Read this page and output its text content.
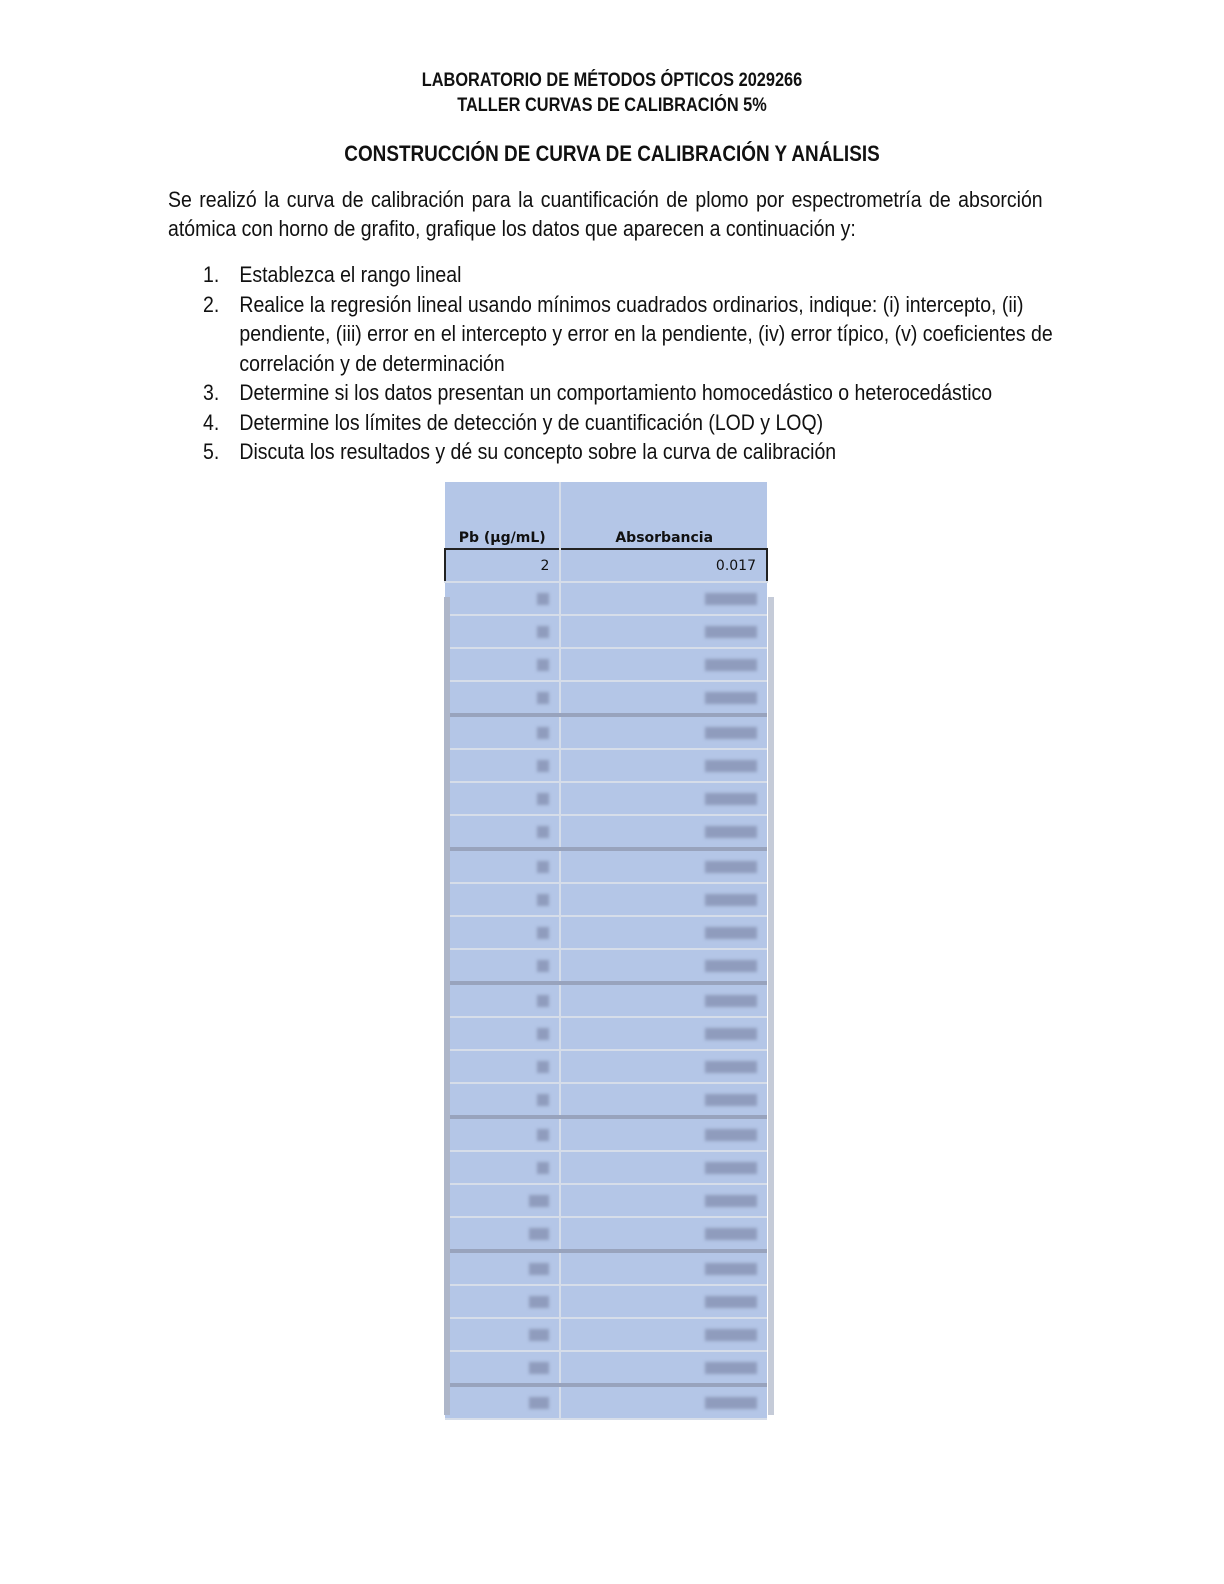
LABORATORIO DE MÉTODOS ÓPTICOS 2029266
TALLER CURVAS DE CALIBRACIÓN 5%
CONSTRUCCIÓN DE CURVA DE CALIBRACIÓN Y ANÁLISIS
Se realizó la curva de calibración para la cuantificación de plomo por espectrometría de absorción atómica con horno de grafito, grafique los datos que aparecen a continuación y:
1. Establezca el rango lineal
2. Realice la regresión lineal usando mínimos cuadrados ordinarios, indique: (i) intercepto, (ii) pendiente, (iii) error en el intercepto y error en la pendiente, (iv) error típico, (v) coeficientes de correlación y de determinación
3. Determine si los datos presentan un comportamiento homocedástico o heterocedástico
4. Determine los límites de detección y de cuantificación (LOD y LOQ)
5. Discuta los resultados y dé su concepto sobre la curva de calibración
Pb (µg/mL)	Absorbancia
2	0.017
